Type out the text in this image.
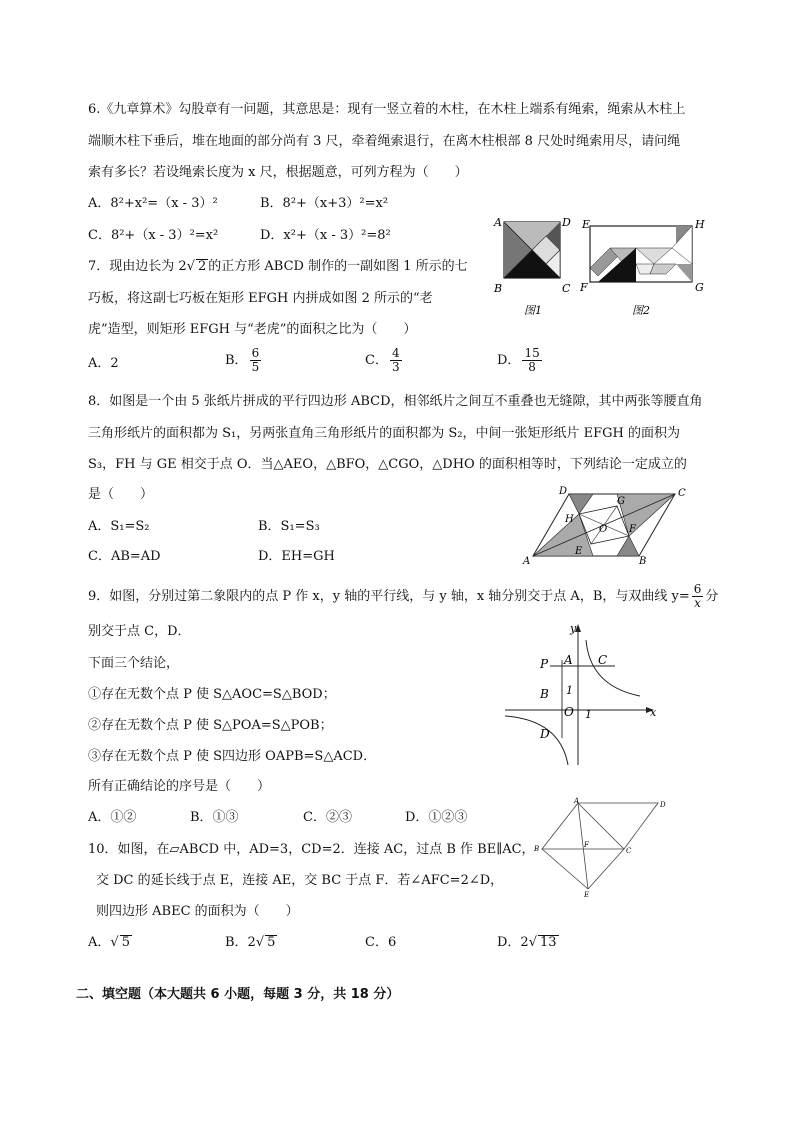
6.《九章算术》勾股章有一问题，其意思是：现有一竖立着的木柱，在木柱上端系有绳索，绳索从木柱上
端顺木柱下垂后，堆在地面的部分尚有 3 尺，牵着绳索退行，在离木柱根部 8 尺处时绳索用尽，请问绳
索有多长？若设绳索长度为 x 尺，根据题意，可列方程为（　　）
A．8²+x²=（x - 3）²	B．8²+（x+3）²=x²
C．8²+（x - 3）²=x²	D．x²+（x - 3）²=8²
7．现由边长为 2√ 2 的正方形 ABCD 制作的一副如图 1 所示的七
巧板，将这副七巧板在矩形 EFGH 内拼成如图 2 所示的“老
虎”造型，则矩形 EFGH 与“老虎”的面积之比为（　　）
A．2	B． $\frac{6}{5}$	C． $\frac{4}{3}$	D． $\frac{15}{8}$
A	D
B	C
图1
E	H
F	G
图2
8．如图是一个由 5 张纸片拼成的平行四边形 ABCD，相邻纸片之间互不重叠也无缝隙，其中两张等腰直角
三角形纸片的面积都为 S₁，另两张直角三角形纸片的面积都为 S₂，中间一张矩形纸片 EFGH 的面积为
S₃，FH 与 GE 相交于点 O．当△AEO，△BFO，△CGO，△DHO 的面积相等时，下列结论一定成立的
是（　　）
A．S₁=S₂	B．S₁=S₃
C．AB=AD	D．EH=GH
D	C
A	B
G
H
F
E
O
9．如图，分别过第二象限内的点 P 作 x，y 轴的平行线，与 y 轴，x 轴分别交于点 A，B，与双曲线 $y= \frac{6}{x}$ 分
别交于点 C，D．
下面三个结论，
①存在无数个点 P 使 S△AOC=S△BOD；
②存在无数个点 P 使 S△POA=S△POB；
③存在无数个点 P 使 S四边形 OAPB=S△ACD．
所有正确结论的序号是（　　）
A．①②	B．①③	C．②③	D．①②③
y
x
P A C
B
D
O 1
1
10．如图，在▱ABCD 中，AD=3，CD=2．连接 AC，过点 B 作 BE∥AC，
交 DC 的延长线于点 E，连接 AE，交 BC 于点 F．若∠AFC=2∠D，
则四边形 ABEC 的面积为（　　）
A．√ 5	B．2√ 5	C．6	D．2√ 13
A	D
B	C
E
F
二、填空题（本大题共 6 小题，每题 3 分，共 18 分）
